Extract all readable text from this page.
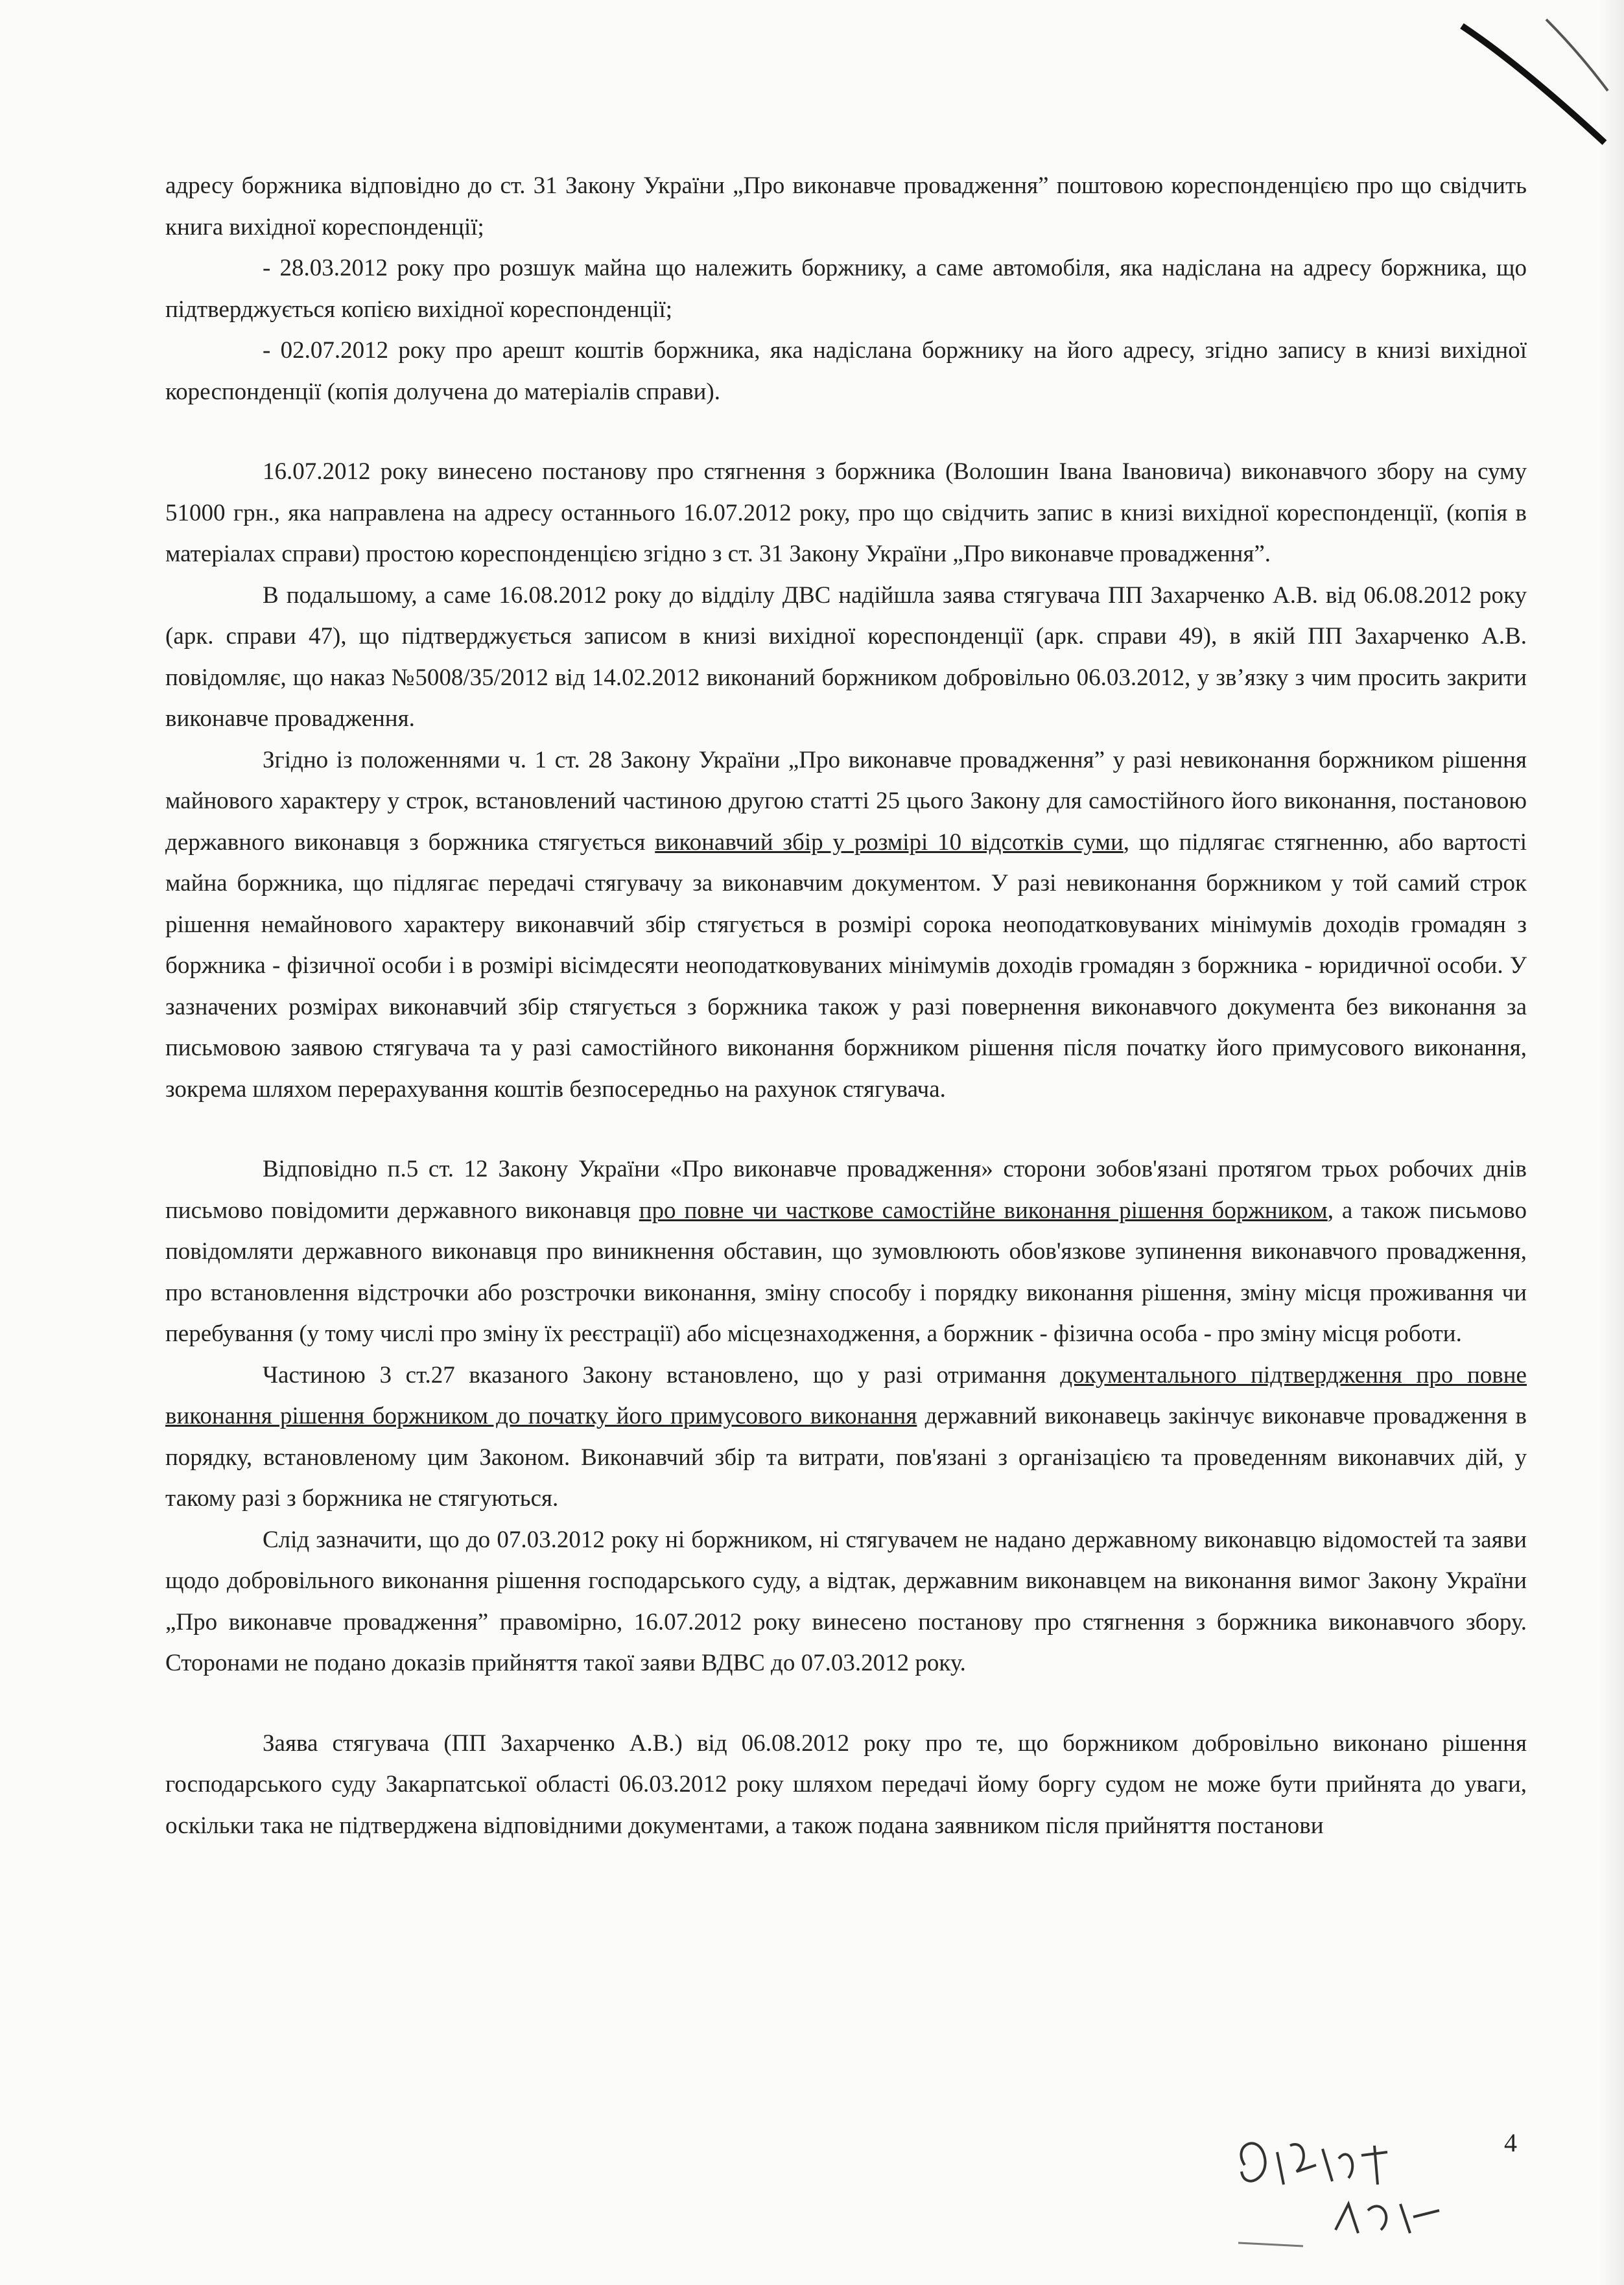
адресу боржника відповідно до ст. 31 Закону України „Про виконавче провадження” поштовою кореспонденцією про що свідчить книга вихідної кореспонденції;

- 28.03.2012 року про розшук майна що належить боржнику, а саме автомобіля, яка надіслана на адресу боржника, що підтверджується копією вихідної кореспонденції;

- 02.07.2012 року про арешт коштів боржника, яка надіслана боржнику на його адресу, згідно запису в книзі вихідної кореспонденції (копія долучена до матеріалів справи).

16.07.2012 року винесено постанову про стягнення з боржника (Волошин Івана Івановича) виконавчого збору на суму 51000 грн., яка направлена на адресу останнього 16.07.2012 року, про що свідчить запис в книзі вихідної кореспонденції, (копія в матеріалах справи) простою кореспонденцією згідно з ст. 31 Закону України „Про виконавче провадження”.

В подальшому, а саме 16.08.2012 року до відділу ДВС надійшла заява стягувача ПП Захарченко А.В. від 06.08.2012 року (арк. справи 47), що підтверджується записом в книзі вихідної кореспонденції (арк. справи 49), в якій ПП Захарченко А.В. повідомляє, що наказ №5008/35/2012 від 14.02.2012 виконаний боржником добровільно 06.03.2012, у зв’язку з чим просить закрити виконавче провадження.

Згідно із положеннями ч. 1 ст. 28 Закону України „Про виконавче провадження” у разі невиконання боржником рішення майнового характеру у строк, встановлений частиною другою статті 25 цього Закону для самостійного його виконання, постановою державного виконавця з боржника стягується виконавчий збір у розмірі 10 відсотків суми, що підлягає стягненню, або вартості майна боржника, що підлягає передачі стягувачу за виконавчим документом. У разі невиконання боржником у той самий строк рішення немайнового характеру виконавчий збір стягується в розмірі сорока неоподатковуваних мінімумів доходів громадян з боржника - фізичної особи і в розмірі вісімдесяти неоподатковуваних мінімумів доходів громадян з боржника - юридичної особи. У зазначених розмірах виконавчий збір стягується з боржника також у разі повернення виконавчого документа без виконання за письмовою заявою стягувача та у разі самостійного виконання боржником рішення після початку його примусового виконання, зокрема шляхом перерахування коштів безпосередньо на рахунок стягувача.

Відповідно п.5 ст. 12 Закону України «Про виконавче провадження» сторони зобов'язані протягом трьох робочих днів письмово повідомити державного виконавця про повне чи часткове самостійне виконання рішення боржником, а також письмово повідомляти державного виконавця про виникнення обставин, що зумовлюють обов'язкове зупинення виконавчого провадження, про встановлення відстрочки або розстрочки виконання, зміну способу і порядку виконання рішення, зміну місця проживання чи перебування (у тому числі про зміну їх реєстрації) або місцезнаходження, а боржник - фізична особа - про зміну місця роботи.

Частиною 3 ст.27 вказаного Закону встановлено, що у разі отримання документального підтвердження про повне виконання рішення боржником до початку його примусового виконання державний виконавець закінчує виконавче провадження в порядку, встановленому цим Законом. Виконавчий збір та витрати, пов'язані з організацією та проведенням виконавчих дій, у такому разі з боржника не стягуються.

Слід зазначити, що до 07.03.2012 року ні боржником, ні стягувачем не надано державному виконавцю відомостей та заяви щодо добровільного виконання рішення господарського суду, а відтак, державним виконавцем на виконання вимог Закону України „Про виконавче провадження” правомірно, 16.07.2012 року винесено постанову про стягнення з боржника виконавчого збору. Сторонами не подано доказів прийняття такої заяви ВДВС до 07.03.2012 року.

Заява стягувача (ПП Захарченко А.В.) від 06.08.2012 року про те, що боржником добровільно виконано рішення господарського суду Закарпатської області 06.03.2012 року шляхом передачі йому боргу судом не може бути прийнята до уваги, оскільки така не підтверджена відповідними документами, а також подана заявником після прийняття постанови

4
